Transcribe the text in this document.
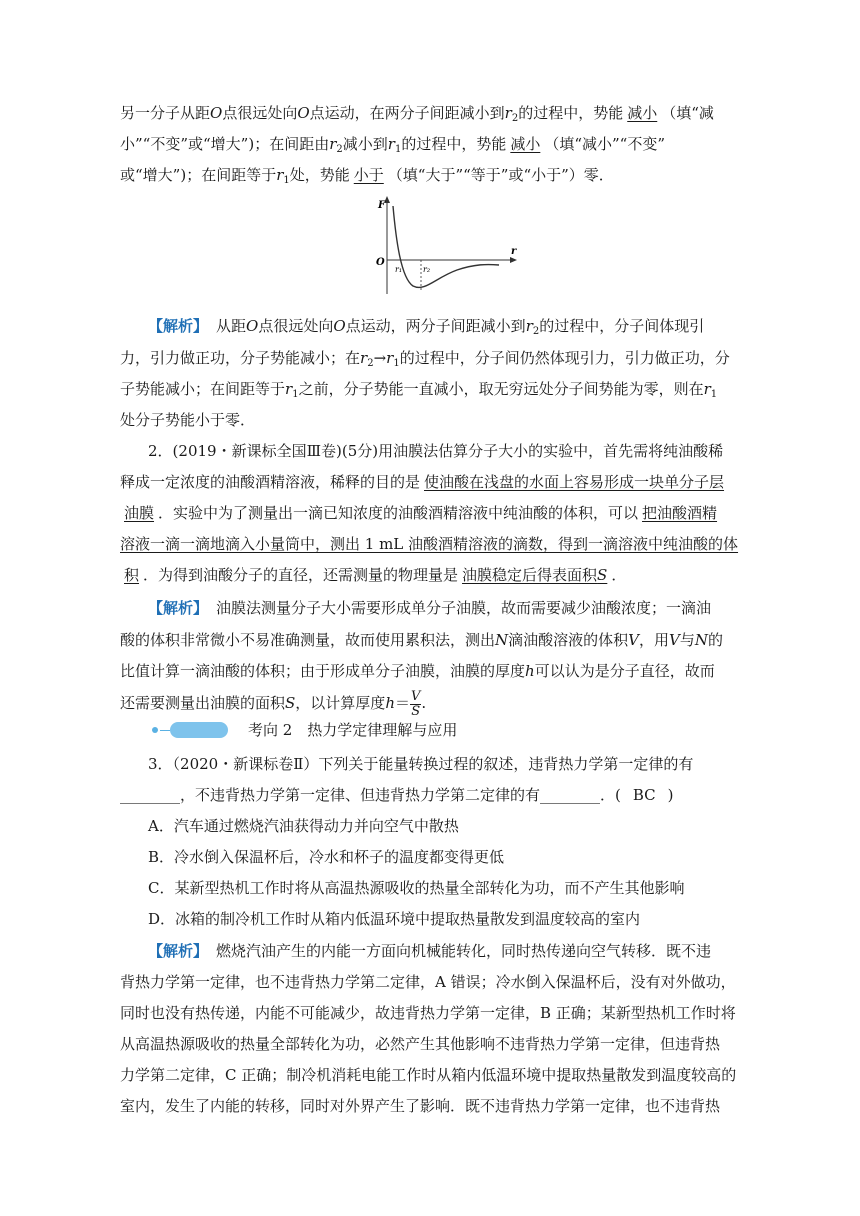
另一分子从距O点很远处向O点运动，在两分子间距减小到$r_2$的过程中，势能 减小 （填“减
小”“不变”或“增大”)；在间距由$r_2$减小到$r_1$的过程中，势能 减小 （填“减小”“不变”
或“增大”)；在间距等于$r_1$处，势能 小于 （填“大于”“等于”或“小于”）零．
F
O
r
r₁	r₂
【解析】 从距O点很远处向O点运动，两分子间距减小到$r_2$的过程中，分子间体现引
力，引力做正功，分子势能减小；在$r_2\to r_1$的过程中，分子间仍然体现引力，引力做正功，分
子势能减小；在间距等于$r_1$之前，分子势能一直减小，取无穷远处分子间势能为零，则在$r_1$
处分子势能小于零．
2．(2019・新课标全国Ⅲ卷)(5分)用油膜法估算分子大小的实验中，首先需将纯油酸稀
释成一定浓度的油酸酒精溶液，稀释的目的是 使油酸在浅盘的水面上容易形成一块单分子层
油膜 ．实验中为了测量出一滴已知浓度的油酸酒精溶液中纯油酸的体积，可以 把油酸酒精
溶液一滴一滴地滴入小量筒中，测出 1 mL 油酸酒精溶液的滴数，得到一滴溶液中纯油酸的体
积 ．为得到油酸分子的直径，还需测量的物理量是 油膜稳定后得表面积S ．
【解析】 油膜法测量分子大小需要形成单分子油膜，故而需要减少油酸浓度；一滴油
酸的体积非常微小不易准确测量，故而使用累积法，测出N滴油酸溶液的体积V，用V与N的
比值计算一滴油酸的体积；由于形成单分子油膜，油膜的厚度h可以认为是分子直径，故而
还需要测量出油膜的面积S，以计算厚度$h= \frac{V}{S}$ .
考向 2　热力学定律理解与应用
3．（2020・新课标卷Ⅱ）下列关于能量转换过程的叙述，违背热力学第一定律的有
________，不违背热力学第一定律、但违背热力学第二定律的有________．( BC )
A．汽车通过燃烧汽油获得动力并向空气中散热
B．冷水倒入保温杯后，冷水和杯子的温度都变得更低
C．某新型热机工作时将从高温热源吸收的热量全部转化为功，而不产生其他影响
D．冰箱的制冷机工作时从箱内低温环境中提取热量散发到温度较高的室内
【解析】 燃烧汽油产生的内能一方面向机械能转化，同时热传递向空气转移．既不违
背热力学第一定律，也不违背热力学第二定律，A 错误；冷水倒入保温杯后，没有对外做功，
同时也没有热传递，内能不可能减少，故违背热力学第一定律，B 正确；某新型热机工作时将
从高温热源吸收的热量全部转化为功，必然产生其他影响不违背热力学第一定律，但违背热
力学第二定律，C 正确；制冷机消耗电能工作时从箱内低温环境中提取热量散发到温度较高的
室内，发生了内能的转移，同时对外界产生了影响．既不违背热力学第一定律，也不违背热
